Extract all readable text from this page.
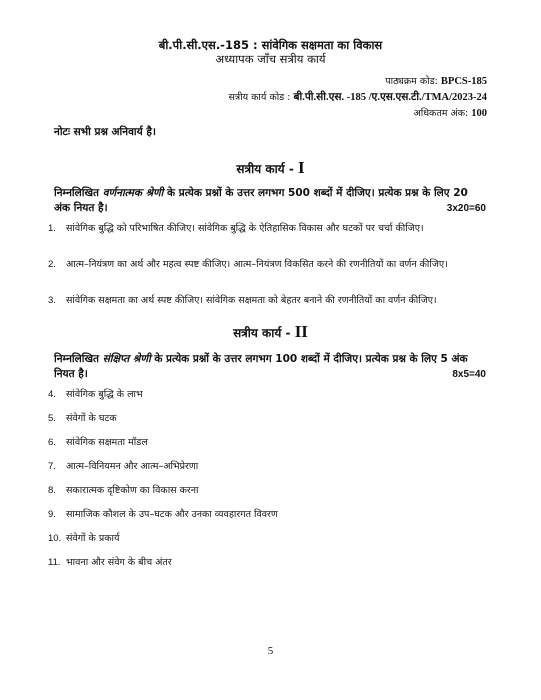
बी.पी.सी.एस.-185 : सांवेगिक सक्षमता का विकास
अध्यापक जाँच सत्रीय कार्य
पाठ्यक्रम कोड: BPCS-185
सत्रीय कार्य कोड : बी.पी.सी.एस. -185 /ए.एस.एस.टी./TMA/2023-24
अधिकतम अंक: 100
नोटः सभी प्रश्न अनिवार्य है।
सत्रीय कार्य - I
निम्नलिखित वर्णनात्मक श्रेणी के प्रत्येक प्रश्नों के उत्तर लगभग 500 शब्दों में दीजिए। प्रत्येक प्रश्न के लिए 20 अंक नियत है।	3x20=60
1. सांवेगिक बुद्धि को परिभाषित कीजिए। सांवेगिक बुद्धि के ऐतिहासिक विकास और घटकों पर चर्चा कीजिए।
2. आत्म–नियंत्रण का अर्थ और महत्व स्पष्ट कीजिए। आत्म–नियंत्रण विकसित करने की रणनीतियों का वर्णन कीजिए।
3. सांवेगिक सक्षमता का अर्थ स्पष्ट कीजिए। सांवेगिक सक्षमता को बेहतर बनाने की रणनीतियों का वर्णन कीजिए।
सत्रीय कार्य - II
निम्नलिखित संक्षिप्त श्रेणी के प्रत्येक प्रश्नों के उत्तर लगभग 100 शब्दों में दीजिए। प्रत्येक प्रश्न के लिए 5 अंक नियत है।	8x5=40
4. सांवेगिक बुद्धि के लाभ
5. संवेगों के घटक
6. सांवेगिक सक्षमता मॉडल
7. आत्म–विनियमन और आत्म–अभिप्रेरणा
8. सकारात्मक दृष्टिकोण का विकास करना
9. सामाजिक कौशल के उप–घटक और उनका व्यवहारगत विवरण
10. संवेगों के प्रकार्य
11. भावना और संवेग के बीच अंतर
5
